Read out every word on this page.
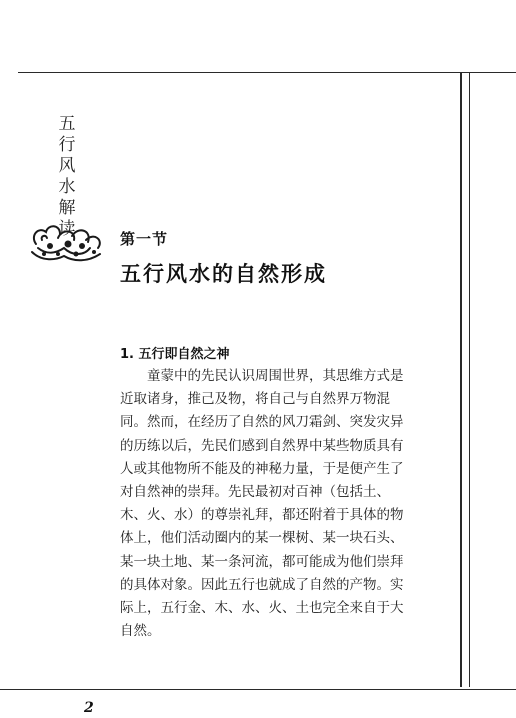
五
行
风
水
解
读	第一节
五行风水的自然形成
1. 五行即自然之神
童蒙中的先民认识周围世界，其思维方式是
近取诸身，推己及物，将自己与自然界万物混
同。然而，在经历了自然的风刀霜剑、突发灾异
的历练以后，先民们感到自然界中某些物质具有
人或其他物所不能及的神秘力量，于是便产生了
对自然神的崇拜。先民最初对百神（包括土、
木、火、水）的尊崇礼拜，都还附着于具体的物
体上，他们活动圈内的某一棵树、某一块石头、
某一块土地、某一条河流，都可能成为他们崇拜
的具体对象。因此五行也就成了自然的产物。实
际上，五行金、木、水、火、土也完全来自于大
自然。
2
